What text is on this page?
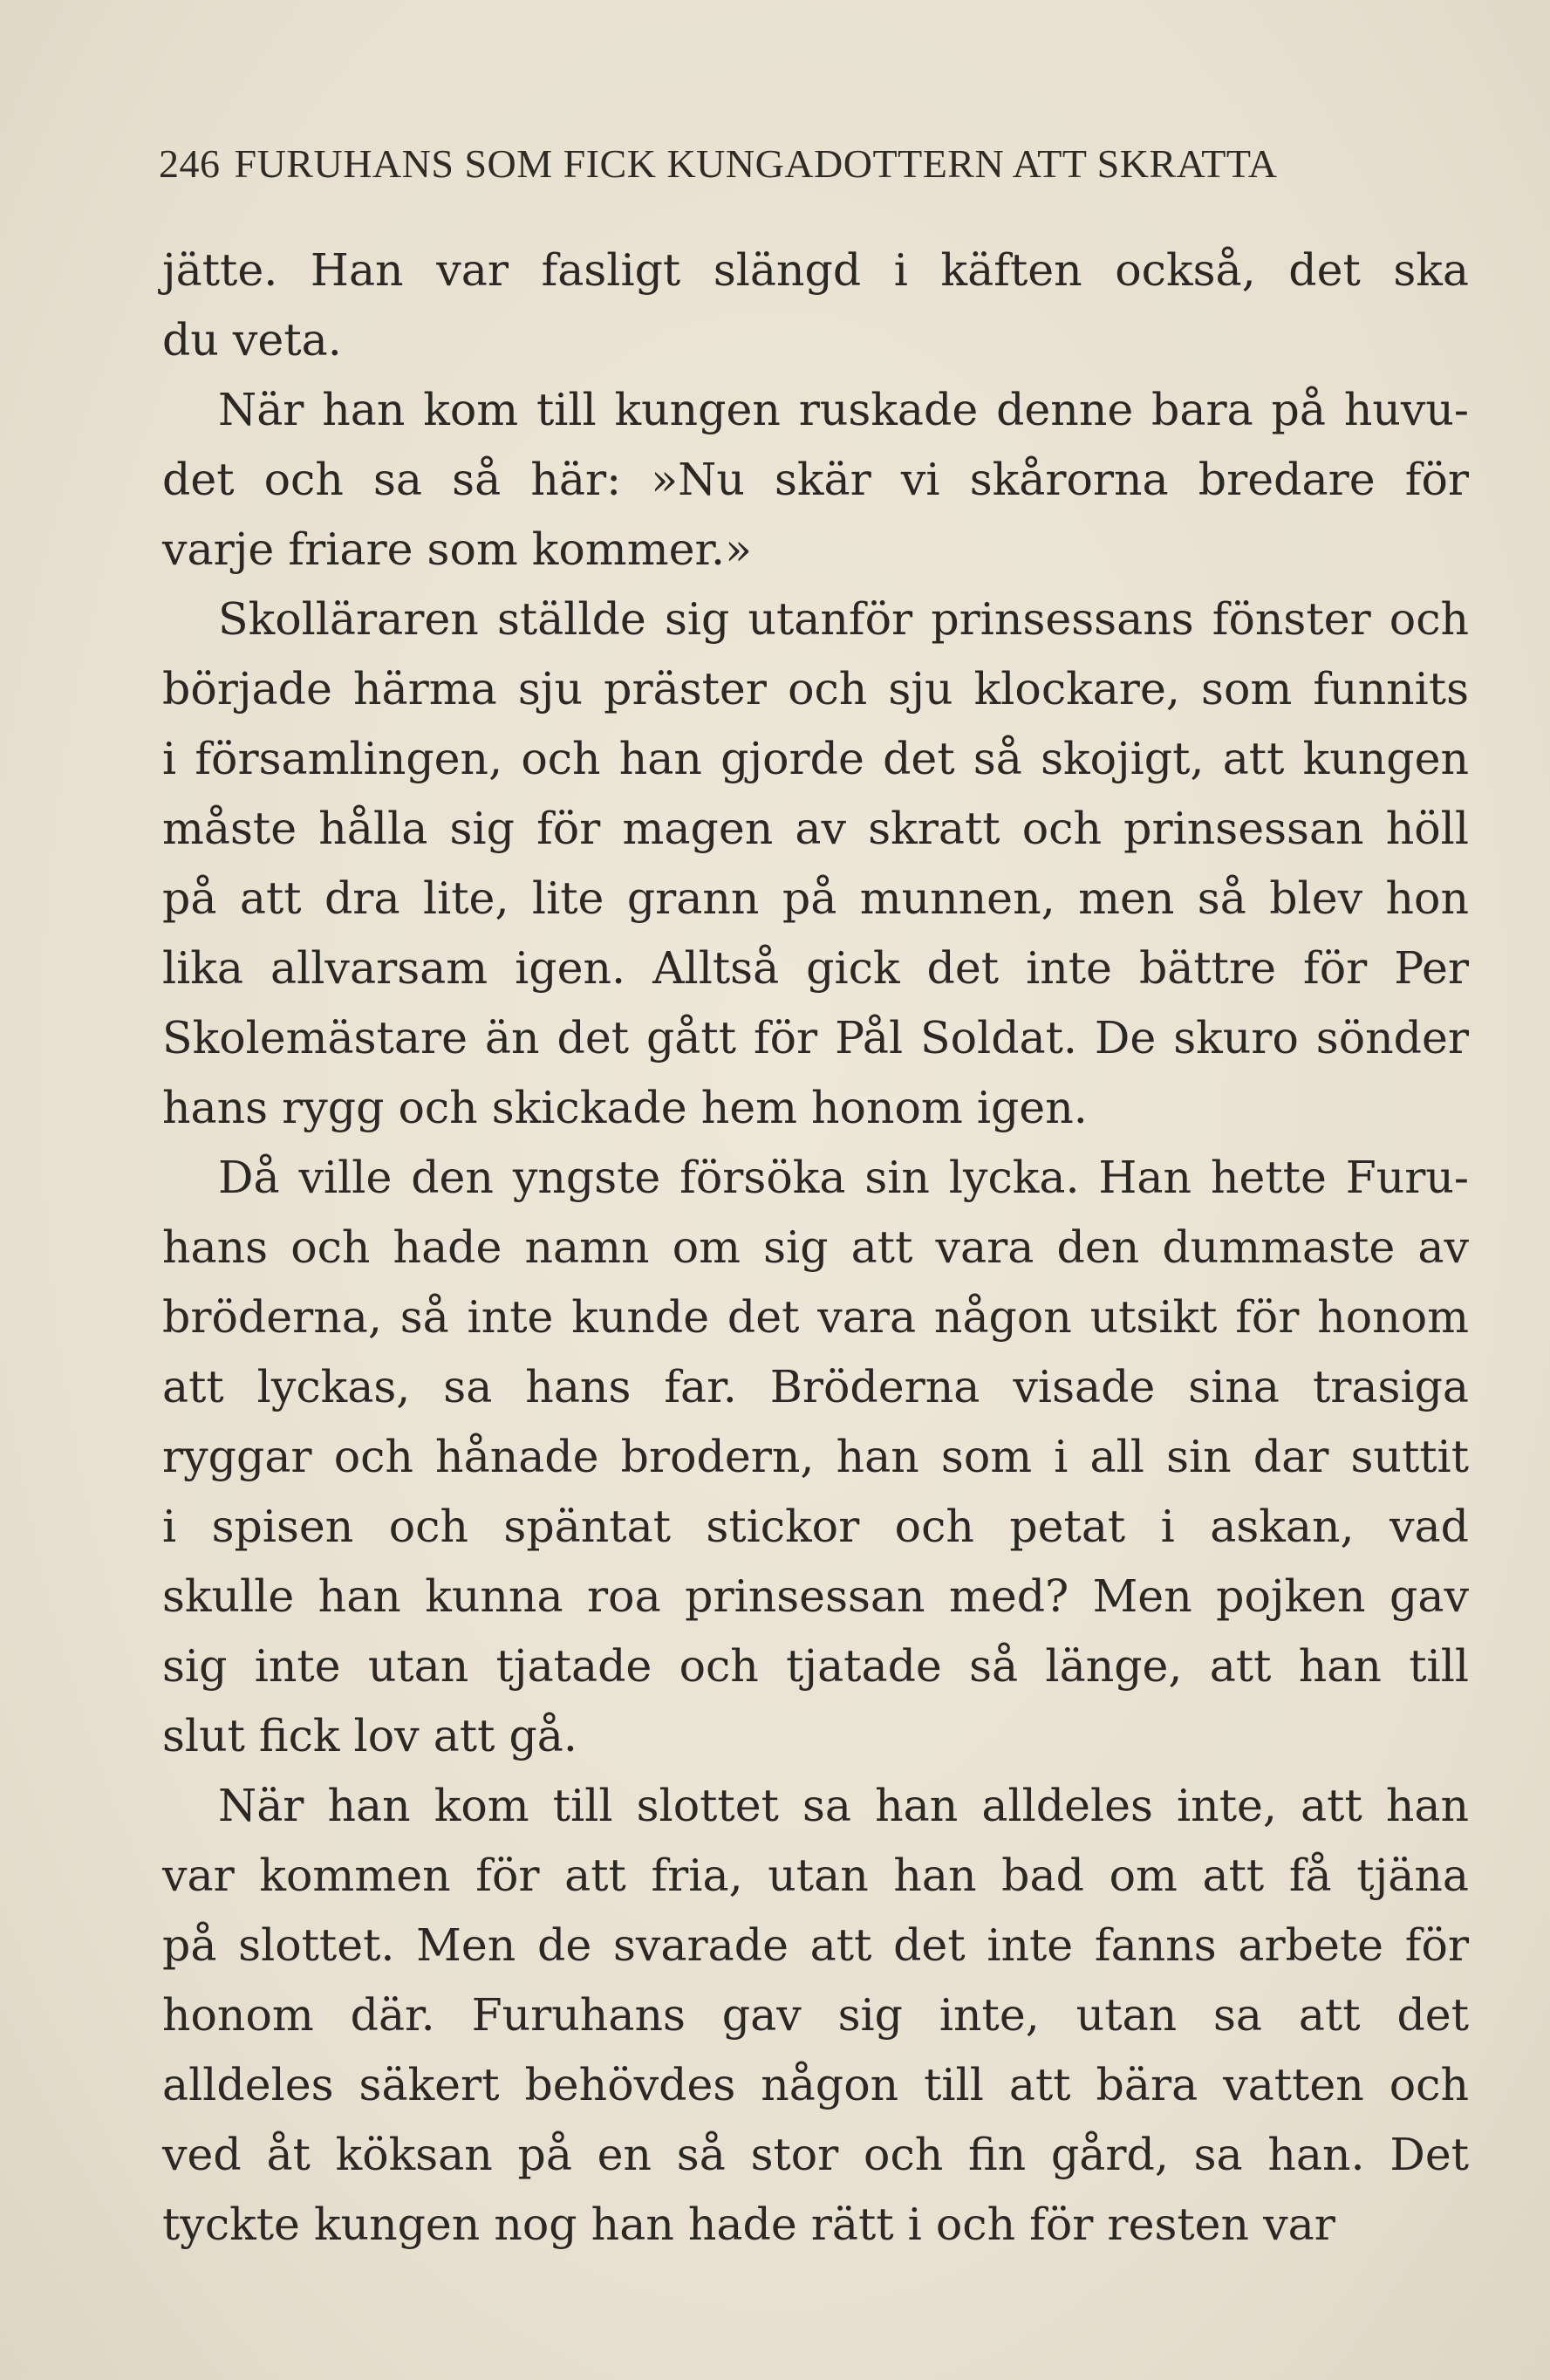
246 FURUHANS SOM FICK KUNGADOTTERN ATT SKRATTA

jätte. Han var fasligt slängd i käften också, det ska
du veta.

När han kom till kungen ruskade denne bara på huvu-
det och sa så här: »Nu skär vi skårorna bredare för
varje friare som kommer.»

Skolläraren ställde sig utanför prinsessans fönster och
började härma sju präster och sju klockare, som funnits
i församlingen, och han gjorde det så skojigt, att kungen
måste hålla sig för magen av skratt och prinsessan höll
på att dra lite, lite grann på munnen, men så blev hon
lika allvarsam igen. Alltså gick det inte bättre för Per
Skolemästare än det gått för Pål Soldat. De skuro sönder
hans rygg och skickade hem honom igen.

Då ville den yngste försöka sin lycka. Han hette Furu-
hans och hade namn om sig att vara den dummaste av
bröderna, så inte kunde det vara någon utsikt för honom
att lyckas, sa hans far. Bröderna visade sina trasiga
ryggar och hånade brodern, han som i all sin dar suttit
i spisen och späntat stickor och petat i askan, vad
skulle han kunna roa prinsessan med? Men pojken gav
sig inte utan tjatade och tjatade så länge, att han till
slut fick lov att gå.

När han kom till slottet sa han alldeles inte, att han
var kommen för att fria, utan han bad om att få tjäna
på slottet. Men de svarade att det inte fanns arbete för
honom där. Furuhans gav sig inte, utan sa att det
alldeles säkert behövdes någon till att bära vatten och
ved åt köksan på en så stor och fin gård, sa han. Det
tyckte kungen nog han hade rätt i och för resten var
